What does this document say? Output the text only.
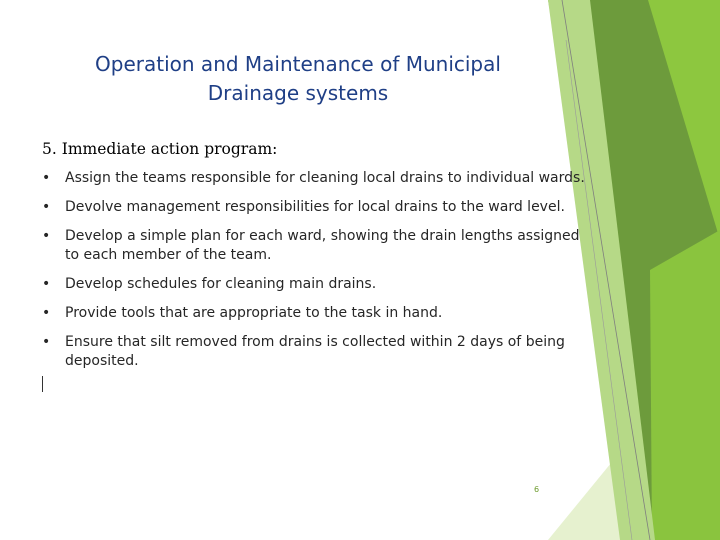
Operation and Maintenance of Municipal
Drainage systems
5. Immediate action program:
• Assign the teams responsible for cleaning local drains to individual wards.
• Devolve management responsibilities for local drains to the ward level.
• Develop a simple plan for each ward, showing the drain lengths assigned to each member of the team.
• Develop schedules for cleaning main drains.
• Provide tools that are appropriate to the task in hand.
• Ensure that silt removed from drains is collected within 2 days of being deposited.
6
